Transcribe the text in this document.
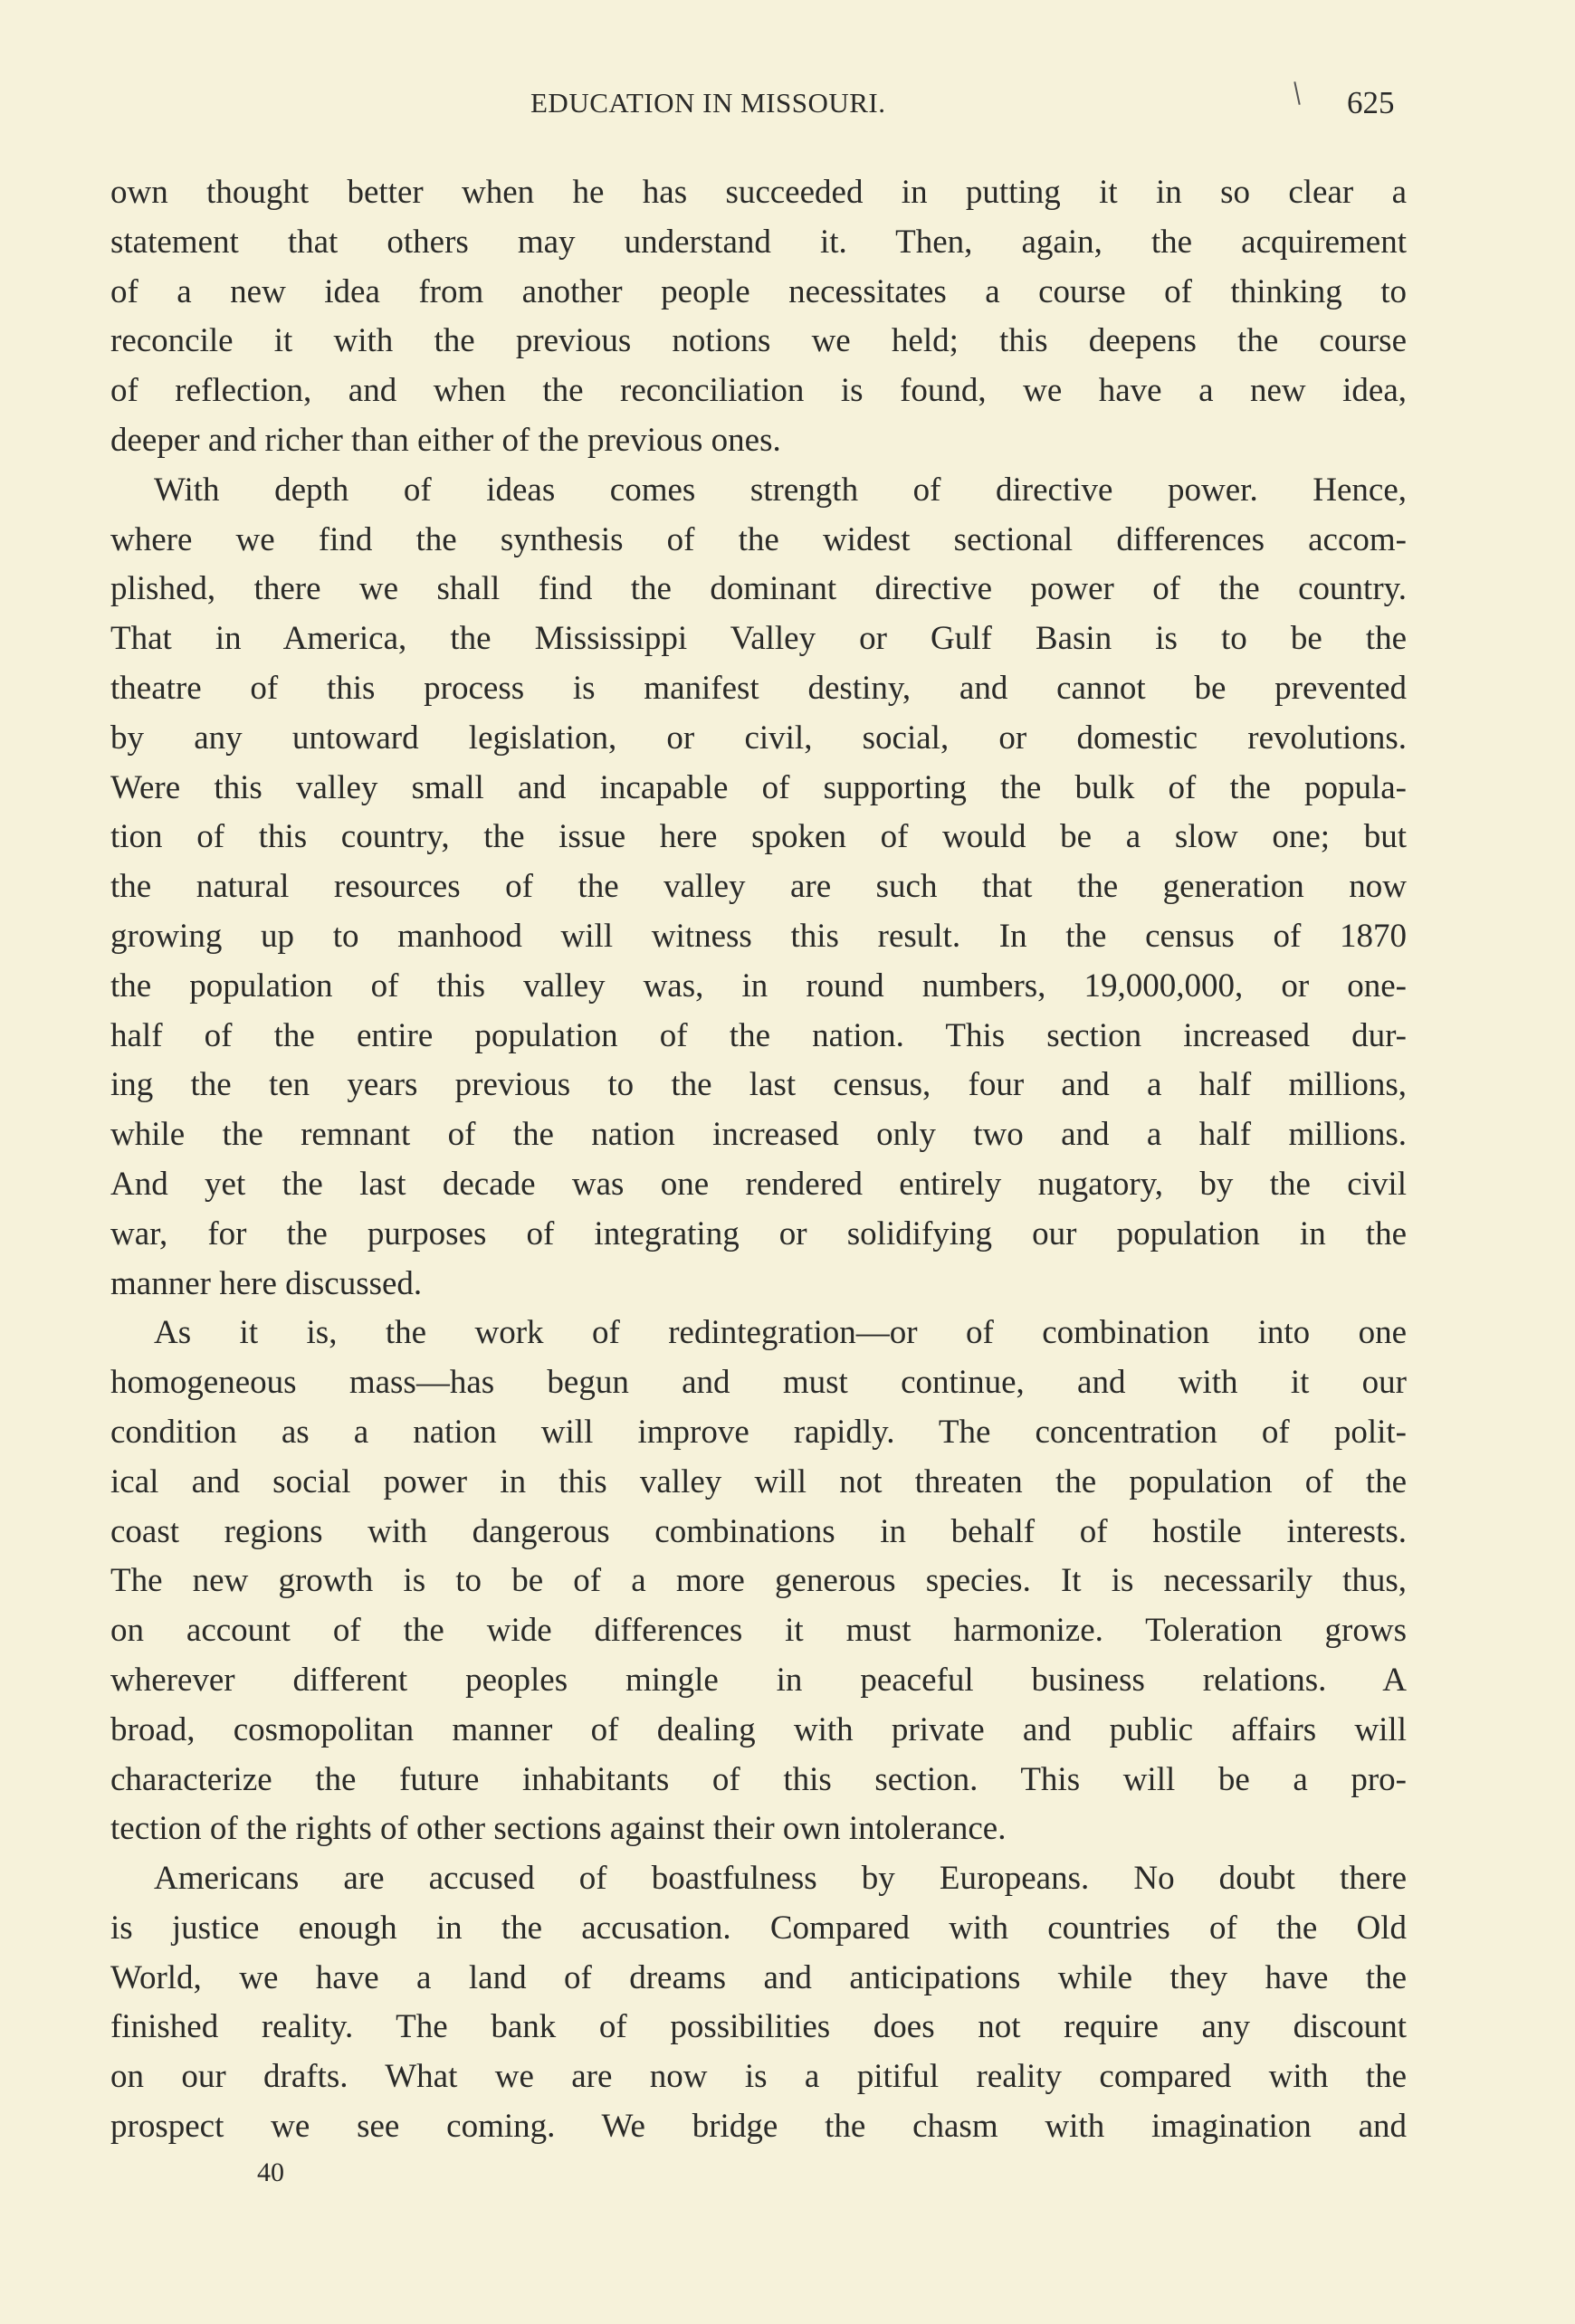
EDUCATION IN MISSOURI.	625
own thought better when he has succeeded in putting it in so clear a
statement that others may understand it. Then, again, the acquirement
of a new idea from another people necessitates a course of thinking to
reconcile it with the previous notions we held; this deepens the course
of reflection, and when the reconciliation is found, we have a new idea,
deeper and richer than either of the previous ones.
With depth of ideas comes strength of directive power. Hence,
where we find the synthesis of the widest sectional differences accom-
plished, there we shall find the dominant directive power of the country.
That in America, the Mississippi Valley or Gulf Basin is to be the
theatre of this process is manifest destiny, and cannot be prevented
by any untoward legislation, or civil, social, or domestic revolutions.
Were this valley small and incapable of supporting the bulk of the popula-
tion of this country, the issue here spoken of would be a slow one; but
the natural resources of the valley are such that the generation now
growing up to manhood will witness this result. In the census of 1870
the population of this valley was, in round numbers, 19,000,000, or one-
half of the entire population of the nation. This section increased dur-
ing the ten years previous to the last census, four and a half millions,
while the remnant of the nation increased only two and a half millions.
And yet the last decade was one rendered entirely nugatory, by the civil
war, for the purposes of integrating or solidifying our population in the
manner here discussed.
As it is, the work of redintegration—or of combination into one
homogeneous mass—has begun and must continue, and with it our
condition as a nation will improve rapidly. The concentration of polit-
ical and social power in this valley will not threaten the population of the
coast regions with dangerous combinations in behalf of hostile interests.
The new growth is to be of a more generous species. It is necessarily thus,
on account of the wide differences it must harmonize. Toleration grows
wherever different peoples mingle in peaceful business relations. A
broad, cosmopolitan manner of dealing with private and public affairs will
characterize the future inhabitants of this section. This will be a pro-
tection of the rights of other sections against their own intolerance.
Americans are accused of boastfulness by Europeans. No doubt there
is justice enough in the accusation. Compared with countries of the Old
World, we have a land of dreams and anticipations while they have the
finished reality. The bank of possibilities does not require any discount
on our drafts. What we are now is a pitiful reality compared with the
prospect we see coming. We bridge the chasm with imagination and
40
